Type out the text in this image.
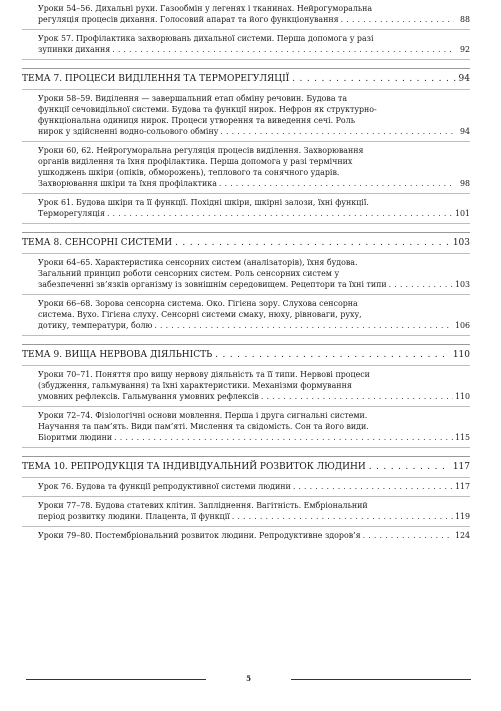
Уроки 54–56. Дихальні рухи. Газообмін у легенях і тканинах. Нейрогуморальна
регуляція процесів дихання. Голосовий апарат та його функціонування . . .	88
Урок 57. Профілактика захворювань дихальної системи. Перша допомога у разі
зупинки дихання . . .	92
ТЕМА 7. ПРОЦЕСИ ВИДІЛЕННЯ ТА ТЕРМОРЕГУЛЯЦІЇ . . .	94
Уроки 58–59. Виділення — завершальний етап обміну речовин. Будова та
функції сечовидільної системи. Будова та функції нирок. Нефрон як структурно-
функціональна одиниця нирок. Процеси утворення та виведення сечі. Роль
нирок у здійсненні водно-сольового обміну . . .	94
Уроки 60, 62. Нейрогуморальна регуляція процесів виділення. Захворювання
органів виділення та їхня профілактика. Перша допомога у разі термічних
ушкоджень шкіри (опіків, обморожень), теплового та сонячного ударів.
Захворювання шкіри та їхня профілактика . . .	98
Урок 61. Будова шкіри та її функції. Похідні шкіри, шкірні залози, їхні функції.
Терморегуляція . . .	101
ТЕМА 8. СЕНСОРНІ СИСТЕМИ . . .	103
Уроки 64–65. Характеристика сенсорних систем (аналізаторів), їхня будова.
Загальний принцип роботи сенсорних систем. Роль сенсорних систем у
забезпеченні зв’язків організму із зовнішнім середовищем. Рецептори та їхні типи . . .	103
Уроки 66–68. Зорова сенсорна система. Око. Гігієна зору. Слухова сенсорна
система. Вухо. Гігієна слуху. Сенсорні системи смаку, нюху, рівноваги, руху,
дотику, температури, болю . . .	106
ТЕМА 9. ВИЩА НЕРВОВА ДІЯЛЬНІСТЬ . . .	110
Уроки 70–71. Поняття про вищу нервову діяльність та її типи. Нервові процеси
(збудження, гальмування) та їхні характеристики. Механізми формування
умовних рефлексів. Гальмування умовних рефлексів . . .	110
Уроки 72–74. Фізіологічні основи мовлення. Перша і друга сигнальні системи.
Научання та пам’ять. Види пам’яті. Мислення та свідомість. Сон та його види.
Біоритми людини . . .	115
ТЕМА 10. РЕПРОДУКЦІЯ ТА ІНДИВІДУАЛЬНИЙ РОЗВИТОК ЛЮДИНИ . . .	117
Урок 76. Будова та функції репродуктивної системи людини . . .	117
Уроки 77–78. Будова статевих клітин. Запліднення. Вагітність. Ембріональний
період розвитку людини. Плацента, її функції . . .	119
Уроки 79–80. Постембріональний розвиток людини. Репродуктивне здоров’я . . .	124
5
